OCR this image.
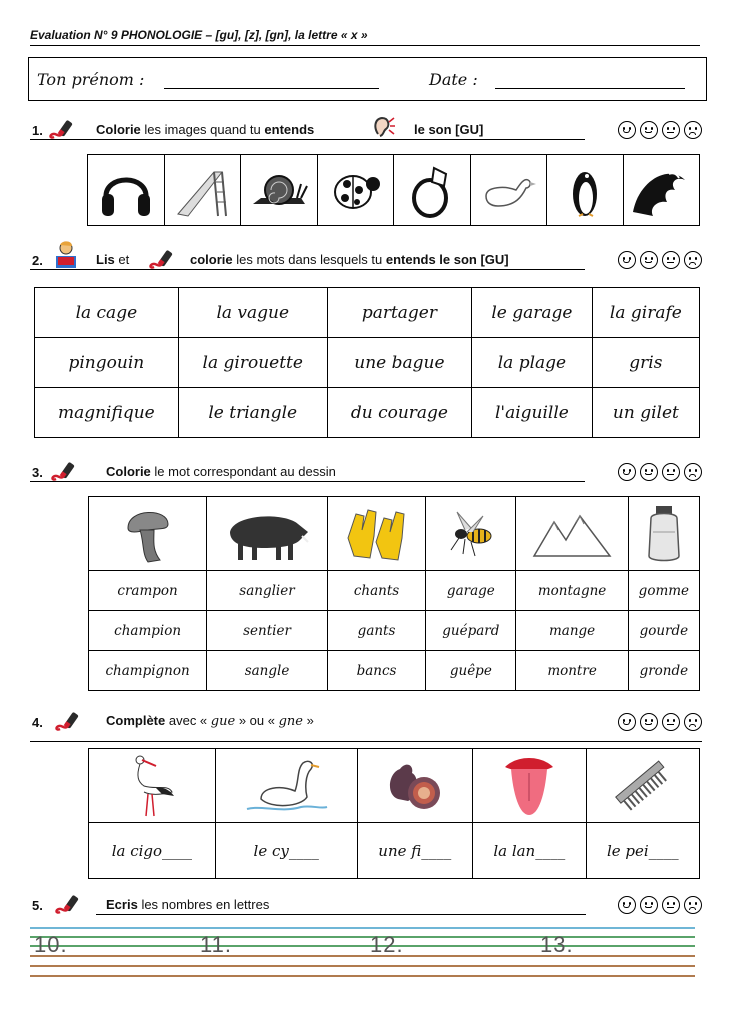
Evaluation N° 9 PHONOLOGIE – [gu], [z], [gn], la lettre « x »
Ton prénom :	Date :
1.	Colorie les images quand tu entends	le son [GU]

2.	Lis et	colorie les mots dans lesquels tu entends le son [GU]
la cage	la vague	partager	le garage	la girafe
pingouin	la girouette	une bague	la plage	gris
magnifique	le triangle	du courage	l'aiguille	un gilet
3.	Colorie le mot correspondant au dessin

crampon	sanglier	chants	garage	montagne	gomme
champion	sentier	gants	guépard	mange	gourde
champignon	sangle	bancs	guêpe	montre	gronde
4.	Complète avec « gue » ou « gne »

la cigo____	le cy____	une fi____	la lan____	le pei____
5.	Ecris les nombres en lettres
10.	11.	12.	13.
